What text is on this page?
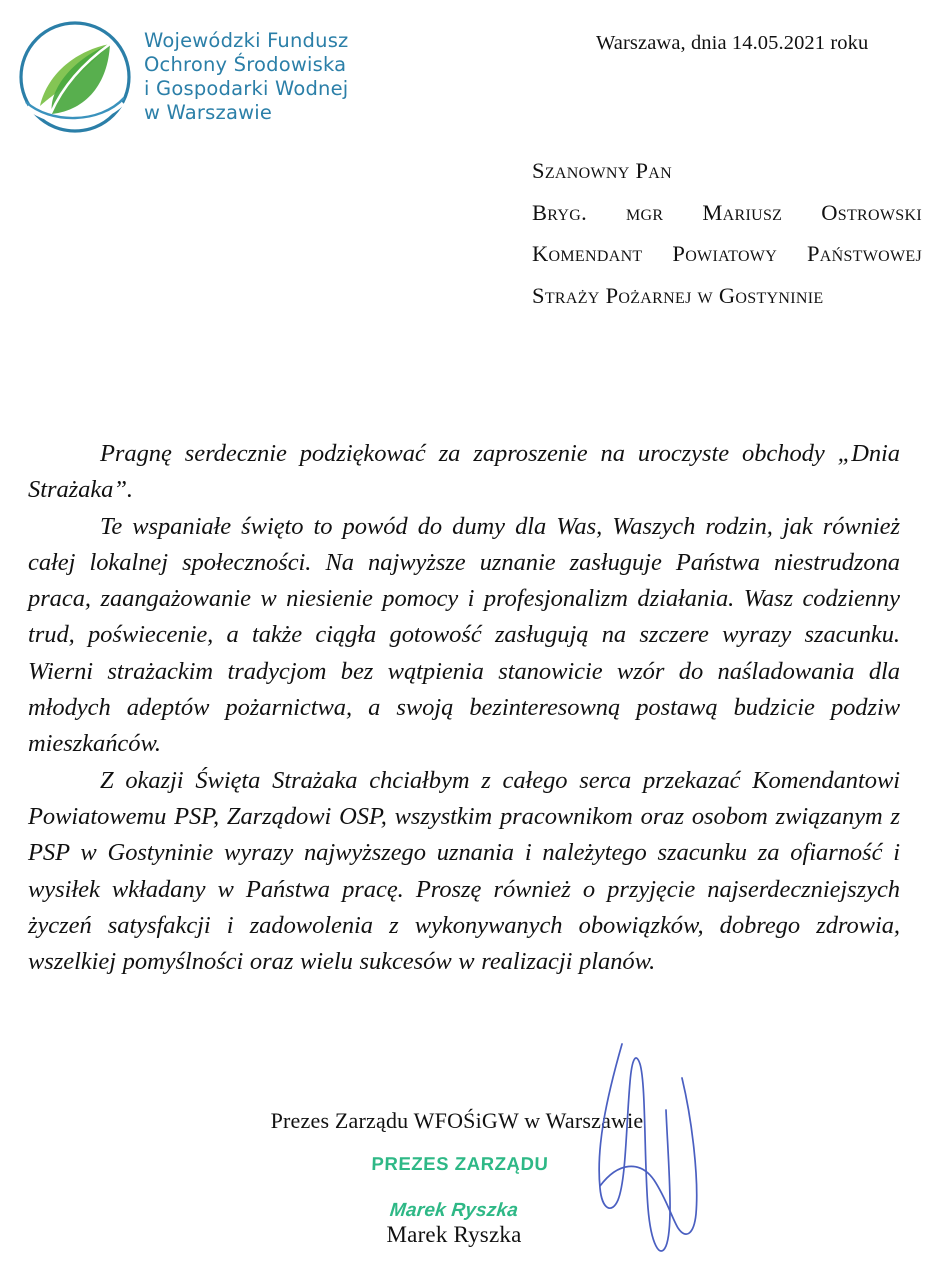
Wojewódzki Fundusz
Ochrony Środowiska
i Gospodarki Wodnej
w Warszawie
Warszawa, dnia 14.05.2021 roku
Szanowny Pan
Bryg. mgr Mariusz Ostrowski
Komendant Powiatowy Państwowej
Straży Pożarnej w Gostyninie

Pragnę serdecznie podziękować za zaproszenie na uroczyste obchody „Dnia Strażaka”.

Te wspaniałe święto to powód do dumy dla Was, Waszych rodzin, jak również całej lokalnej społeczności. Na najwyższe uznanie zasługuje Państwa niestrudzona praca, zaangażowanie w niesienie pomocy i profesjonalizm działania. Wasz codzienny trud, poświecenie, a także ciągła gotowość zasługują na szczere wyrazy szacunku. Wierni strażackim tradycjom bez wątpienia stanowicie wzór do naśladowania dla młodych adeptów pożarnictwa, a swoją bezinteresowną postawą budzicie podziw mieszkańców.

Z okazji Święta Strażaka chciałbym z całego serca przekazać Komendantowi Powiatowemu PSP, Zarządowi OSP, wszystkim pracownikom oraz osobom związanym z PSP w Gostyninie wyrazy najwyższego uznania i należytego szacunku za ofiarność i wysiłek wkładany w Państwa pracę. Proszę również o przyjęcie najserdeczniejszych życzeń satysfakcji i zadowolenia z wykonywanych obowiązków, dobrego zdrowia, wszelkiej pomyślności oraz wielu sukcesów w realizacji planów.

Prezes Zarządu WFOŚiGW w Warszawie
PREZES ZARZĄDU
Marek Ryszka
Marek Ryszka
